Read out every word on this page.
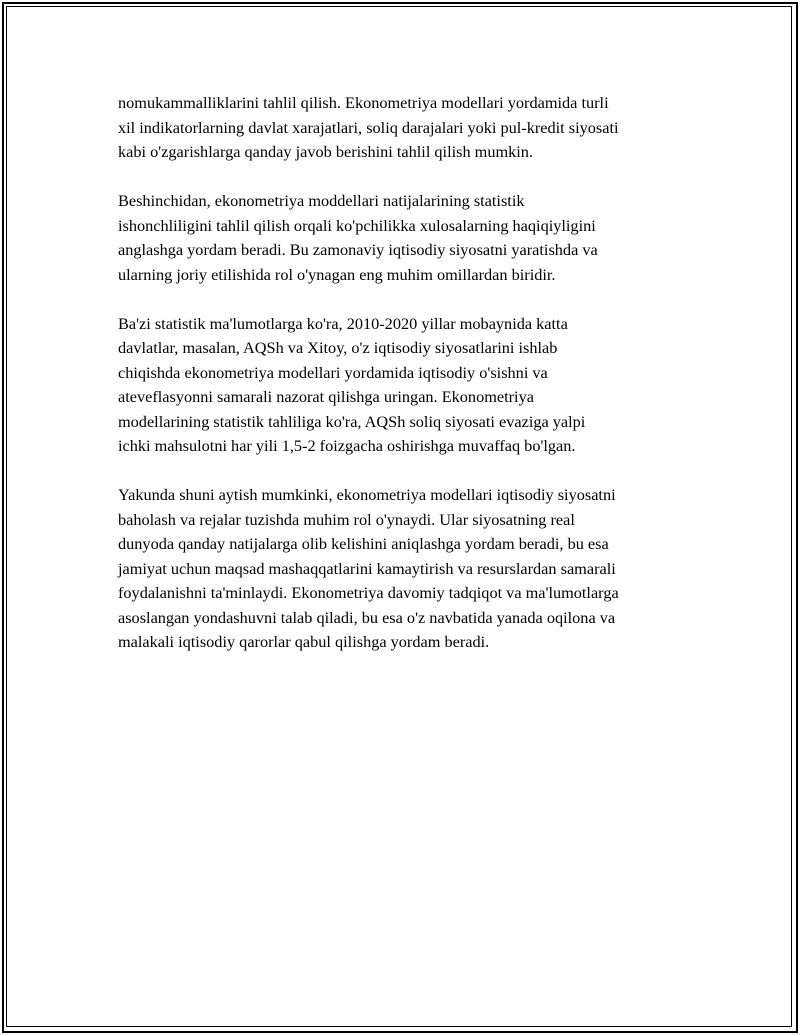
nomukammalliklarini tahlil qilish. Ekonometriya modellari yordamida turli
xil indikatorlarning davlat xarajatlari, soliq darajalari yoki pul-kredit siyosati
kabi o'zgarishlarga qanday javob berishini tahlil qilish mumkin.

Beshinchidan, ekonometriya moddellari natijalarining statistik
ishonchliligini tahlil qilish orqali ko'pchilikka xulosalarning haqiqiyligini
anglashga yordam beradi. Bu zamonaviy iqtisodiy siyosatni yaratishda va
ularning joriy etilishida rol o'ynagan eng muhim omillardan biridir.

Ba'zi statistik ma'lumotlarga ko'ra, 2010-2020 yillar mobaynida katta
davlatlar, masalan, AQSh va Xitoy, o'z iqtisodiy siyosatlarini ishlab
chiqishda ekonometriya modellari yordamida iqtisodiy o'sishni va
ateveflasyonni samarali nazorat qilishga uringan. Ekonometriya
modellarining statistik tahliliga ko'ra, AQSh soliq siyosati evaziga yalpi
ichki mahsulotni har yili 1,5-2 foizgacha oshirishga muvaffaq bo'lgan.

Yakunda shuni aytish mumkinki, ekonometriya modellari iqtisodiy siyosatni
baholash va rejalar tuzishda muhim rol o'ynaydi. Ular siyosatning real
dunyoda qanday natijalarga olib kelishini aniqlashga yordam beradi, bu esa
jamiyat uchun maqsad mashaqqatlarini kamaytirish va resurslardan samarali
foydalanishni ta'minlaydi. Ekonometriya davomiy tadqiqot va ma'lumotlarga
asoslangan yondashuvni talab qiladi, bu esa o'z navbatida yanada oqilona va
malakali iqtisodiy qarorlar qabul qilishga yordam beradi.
